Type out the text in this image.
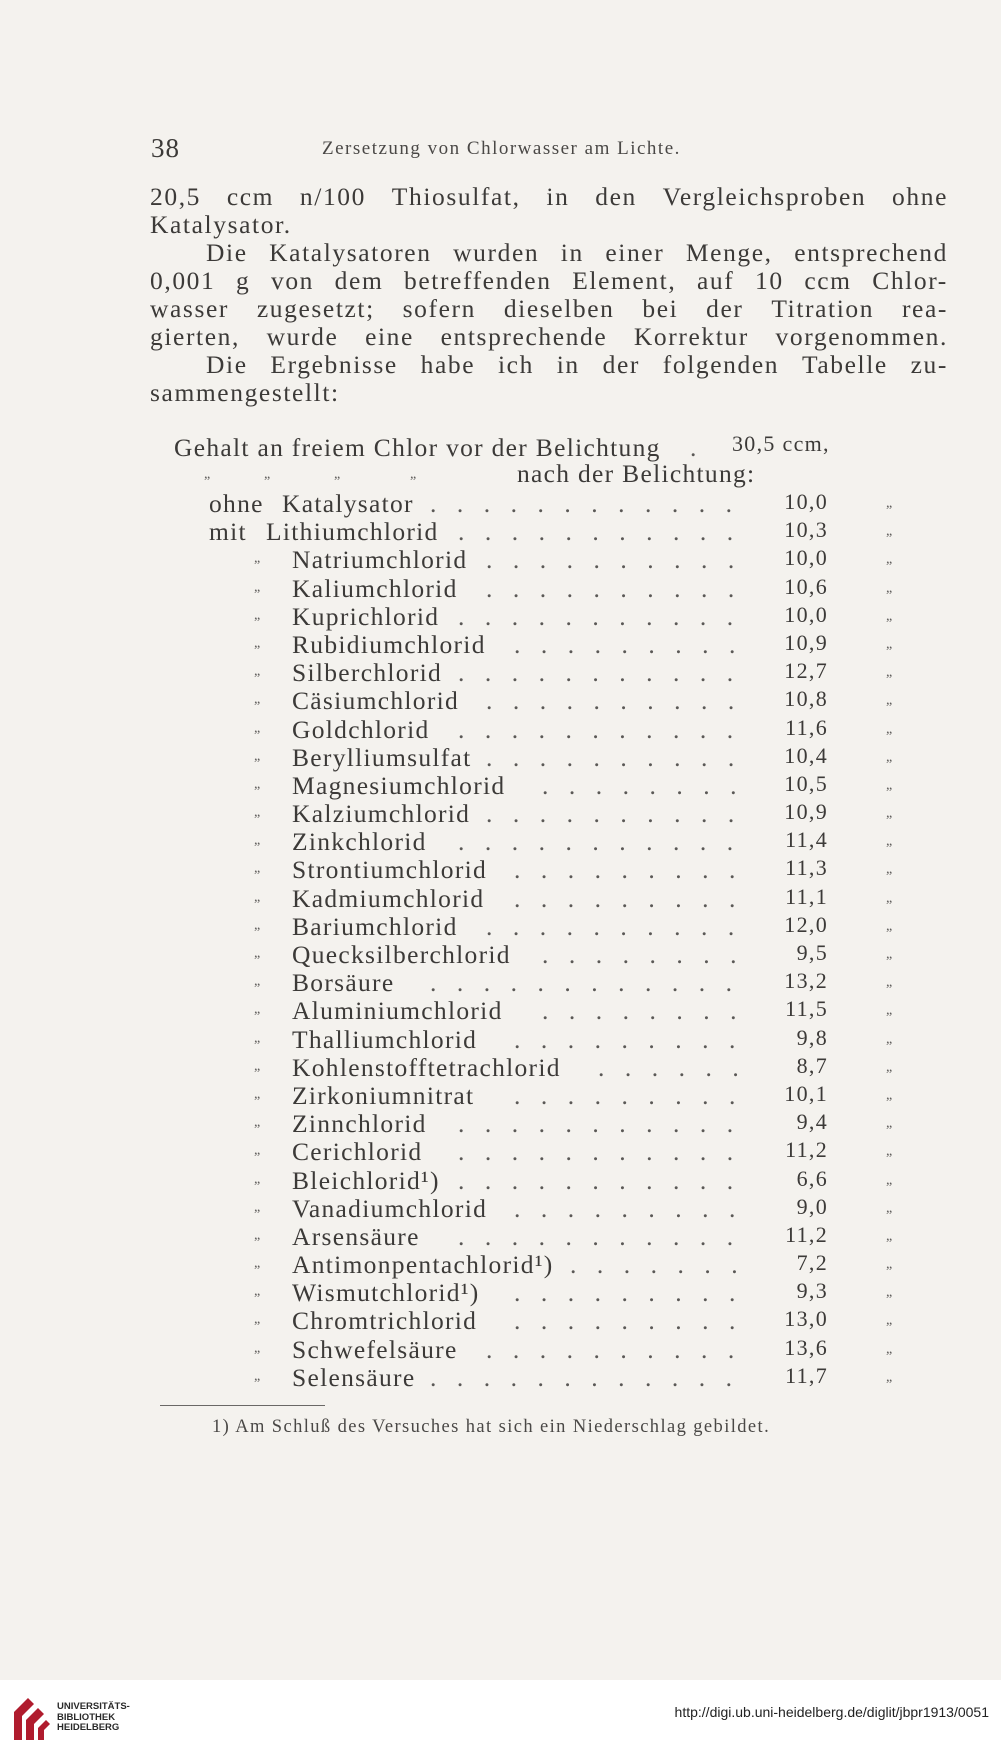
38	Zersetzung von Chlorwasser am Lichte.
20,5 ccm n/100 Thiosulfat, in den Vergleichsproben ohne
Katalysator.
Die Katalysatoren wurden in einer Menge, entsprechend
0,001 g von dem betreffenden Element, auf 10 ccm Chlor-
wasser zugesetzt; sofern dieselben bei der Titration rea-
gierten, wurde eine entsprechende Korrektur vorgenommen.
Die Ergebnisse habe ich in der folgenden Tabelle zu-
sammengestellt:
Gehalt an freiem Chlor vor der Belichtung . 30,5 ccm,
„	„	„	„	nach der Belichtung:
ohne Katalysator ............ 10,0	„
mit Lithiumchlorid ........... 10,3	„
„ Natriumchlorid .......... 10,0	„
„ Kaliumchlorid .......... 10,6	„
„ Kuprichlorid ........... 10,0	„
„ Rubidiumchlorid ......... 10,9	„
„ Silberchlorid ........... 12,7	„
„ Cäsiumchlorid .......... 10,8	„
„ Goldchlorid ........... 11,6	„
„ Berylliumsulfat .......... 10,4	„
„ Magnesiumchlorid ........ 10,5	„
„ Kalziumchlorid .......... 10,9	„
„ Zinkchlorid ........... 11,4	„
„ Strontiumchlorid ......... 11,3	„
„ Kadmiumchlorid ......... 11,1	„
„ Bariumchlorid .......... 12,0	„
„ Quecksilberchlorid ........ 9,5	„
„ Borsäure ............ 13,2	„
„ Aluminiumchlorid ........ 11,5	„
„ Thalliumchlorid ......... 9,8	„
„ Kohlenstofftetrachlorid ...... 8,7	„
„ Zirkoniumnitrat ......... 10,1	„
„ Zinnchlorid ........... 9,4	„
„ Cerichlorid ........... 11,2	„
„ Bleichlorid¹) ........... 6,6	„
„ Vanadiumchlorid ......... 9,0	„
„ Arsensäure ........... 11,2	„
„ Antimonpentachlorid¹) ....... 7,2	„
„ Wismutchlorid¹) ......... 9,3	„
„ Chromtrichlorid ......... 13,0	„
„ Schwefelsäure .......... 13,6	„
„ Selensäure ............ 11,7	„
1) Am Schluß des Versuches hat sich ein Niederschlag gebildet.
UNIVERSITÄTS-
BIBLIOTHEK
HEIDELBERG
http://digi.ub.uni-heidelberg.de/diglit/jbpr1913/0051
